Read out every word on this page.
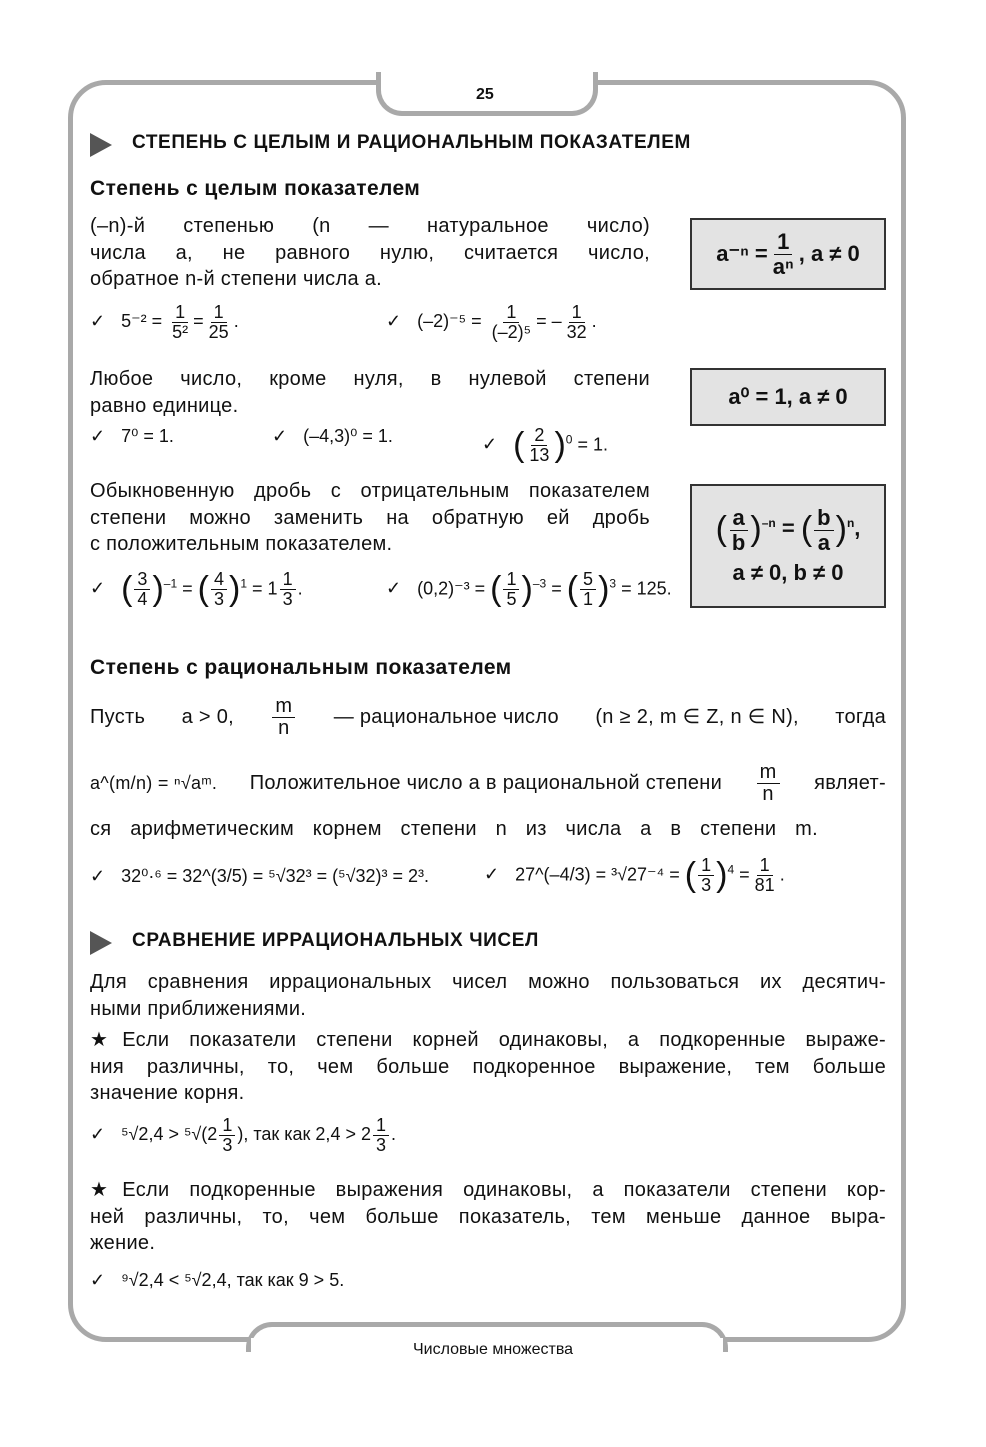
25
СТЕПЕНЬ С ЦЕЛЫМ И РАЦИОНАЛЬНЫМ ПОКАЗАТЕЛЕМ
Степень с целым показателем
(–n)-й степенью (n — натуральное число)
числа a, не равного нулю, считается число,
обратное n-й степени числа a.
$a^{-n} = \frac{1}{\text{aⁿ}}$ , a ≠ 0
✓ $5^{-2} = \frac{1}{\text{5²}} = \frac{1}{25}$ .	✓ $(-2)^{-5} = \frac{1}{\text{(–2)⁵}}$ = – $\frac{1}{32}$ .
Любое число, кроме нуля, в нулевой степени
равно единице.	a⁰ = 1, a ≠ 0
✓ 7⁰ = 1.	✓ (–4,3)⁰ = 1.	✓ ( $\frac{2}{13} )^0 = 1$.
Обыкновенную дробь с отрицательным показателем
степени можно заменить на обратную ей дробь
с положительным показателем.	( $\frac{a}{b} )^{-n}$ = ( $\frac{b}{a} )^n$,
a ≠ 0, b ≠ 0
✓ ( $\frac{3}{4} )^{-1}$ = ( $\frac{4}{3} )^1 = 1 \frac{1}{3}$ .	✓ (0,2)⁻³ = ( $\frac{1}{5} )^{-3}$ = ( $\frac{5}{1} )^3 = 125$.
Степень с рациональным показателем
Пусть a > 0, $\frac{m}{n}$ — рациональное число (n ≥ 2, m ∈ Z, n ∈ N), тогда
a^(m/n) = ⁿ√aᵐ. Положительное число a в рациональной степени $\frac{m}{n}$ являет-
ся арифметическим корнем степени n из числа a в степени m.
✓ 32⁰·⁶ = 32^(3/5) = ⁵√32³ = (⁵√32)³ = 2³.	✓ 27^(–4/3) = ³√27⁻⁴ = ( $\frac{1}{3} )^4 = \frac{1}{81}$ .
СРАВНЕНИЕ ИРРАЦИОНАЛЬНЫХ ЧИСЕЛ
Для сравнения иррациональных чисел можно пользоваться их десятич-
ными приближениями.
★Если показатели степени корней одинаковы, а подкоренные выраже-
ния различны, то, чем больше подкоренное выражение, тем больше
значение корня.
✓ $^5√2,4 > ^5√(2 \frac{1}{3}$ ), так как $2,4 > 2 \frac{1}{3}$ .
★Если подкоренные выражения одинаковы, а показатели степени кор-
ней различны, то, чем больше показатель, тем меньше данное выра-
жение.
✓ ⁹√2,4 < ⁵√2,4, так как 9 > 5.
Числовые множества
